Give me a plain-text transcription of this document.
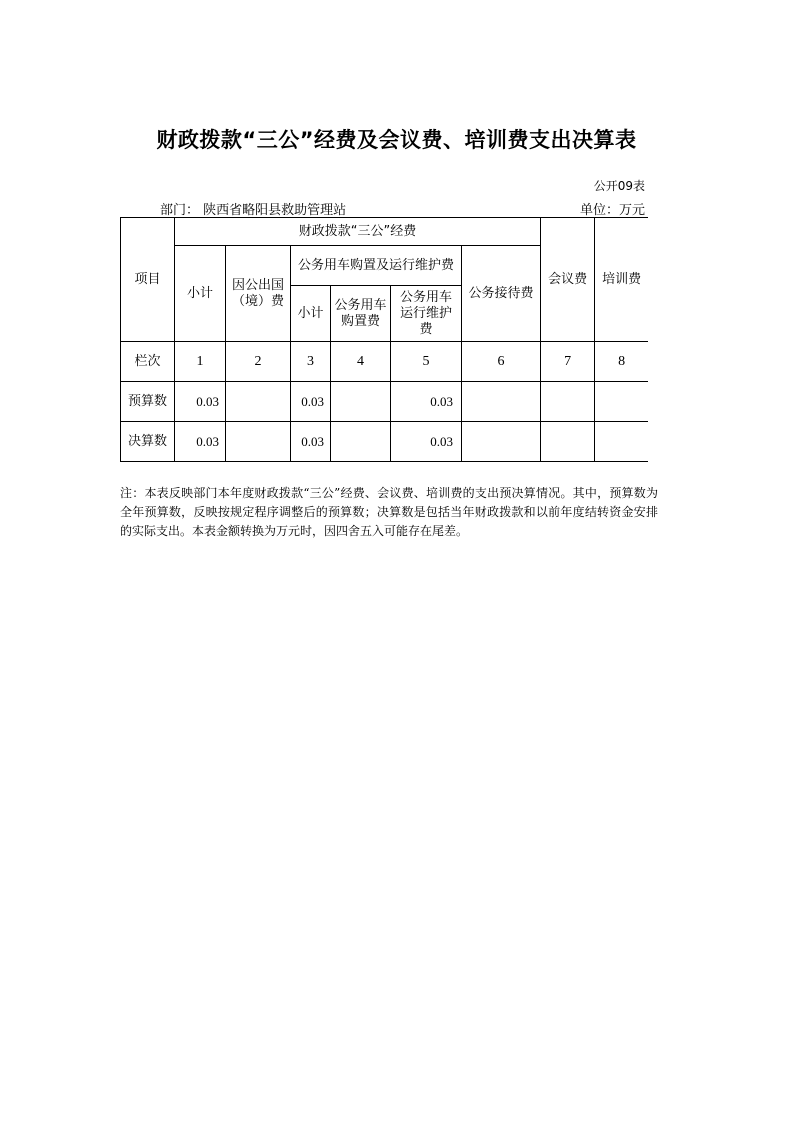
财政拨款“三公”经费及会议费、培训费支出决算表
公开09表
部门： 陕西省略阳县救助管理站	单位：万元
项目	财政拨款“三公”经费						会议费	培训费
	小计	因公出国（境）费	公务用车购置及运行维护费			公务接待费		
			小计	公务用车购置费	公务用车运行维护费			
栏次	1	2	3	4	5	6	7	8
预算数	0.03		0.03		0.03			
决算数	0.03		0.03		0.03			
注：本表反映部门本年度财政拨款“三公”经费、会议费、培训费的支出预决算情况。其中，预算数为全年预算数，反映按规定程序调整后的预算数；决算数是包括当年财政拨款和以前年度结转资金安排的实际支出。本表金额转换为万元时，因四舍五入可能存在尾差。
